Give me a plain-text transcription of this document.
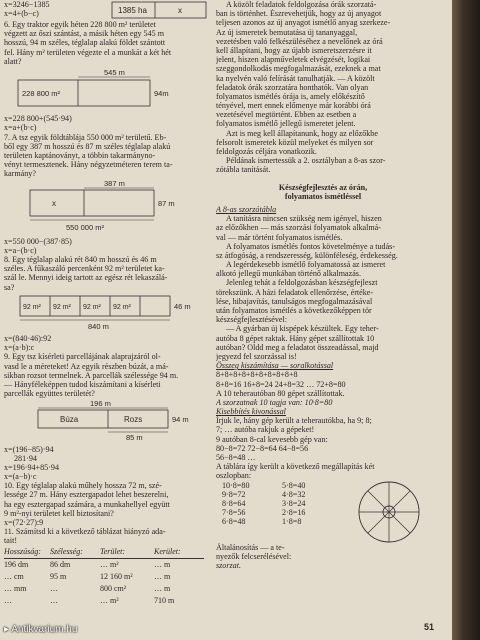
x=3246−1385
x=4+(b−c)	1385 ha	x
6. Egy traktor egyik héten 228 800 m² területet
végzett az őszi szántást, a másik héten egy 545 m
hosszú, 94 m széles, téglalap alakú földet szántott
fel. Hány m² területen végezte el a munkát a két hét
alatt?
545 m
228 800 m²	94m
x=228 800+(545·94)
x=a+(b·c)
7. A tsz egyik földtáblája 550 000 m² területű. Eb-
ből egy 387 m hosszú és 87 m széles téglalap alakú
területen kaptánoványt, a többin takarmányno-
vényt termesztenek. Hány négyzetméteren terem ta-
karmány?
387 m
x	87 m
550 000 m²
x=550 000−(387·85)
x=a−(b·c)
8. Egy téglalap alakú rét 840 m hosszú és 46 m
széles. A fűkaszáló percenként 92 m² területet ka-
szál le. Mennyi ideig tartott az egész rét lekaszálá-
sa?
92 m² 92 m² 92 m² 92 m²	46 m
840 m
x=(840·46):92
x=(a·b):c
9. Egy tsz kísérleti parcellájának alaprajzáról ol-
vasd le a méreteket! Az egyik részben búzát, a má-
sikban rozsot termelnek. A parcellák szélessége 94 m.
— Hányféleképpen tudod kiszámítani a kísérleti
parcellák együttes területét?
196 m
Búza	Rozs	94 m
85 m
x=(196−85)·94
281·94
x=196·94+85·94
x=(a−b)·c
10. Egy téglalap alakú műhely hossza 72 m, szé-
lessége 27 m. Hány esztergapadot lehet beszerelni,
ha egy esztergapad számára, a munkahellyel együtt
9 m²-nyi területet kell biztosítani?
x=(72·27):9
11. Számítsd ki a következő táblázat hiányzó ada-
tait!
Hosszúság:	Szélesség:	Terület:	Kerület:
196 dm	86 dm	… m²	… m
… cm	95 m	12 160 m²	… m
… mm	…	800 cm²	… m
…	…	… m²	710 m
A közölt feladatok feldolgozása órák szorzatá-
ban is történhet. Észrevehetjük, hogy az új anyagot
teljesen azonos az új anyagot ismétlő anyag szerkeze-
Az új ismeretek bemutatása új tananyaggal,
vezetésben való felkészüléséhez a nevelőnek az órá
kell állapítani, hogy az újabb ismeretszerzésre it
jelent, hiszen alapműveletek elvégzését, logikai
szeggondolkodás megfogalmazását, ezeknek a mat
ka nyelvén való felírását tanulhatják. — A közölt
feladatok órák szorzatára honthatók. Van olyan
folyamatos ismétlés órája is, amely előkészítő
tényével, mert ennek előmenye már korábbi órá
vezetésével megtörtént. Ebben az esetben a
folyamatos ismétlő jellegű ismeretet jelent.
Azt is meg kell állapítanunk, hogy az előzőkbe
felsorolt ismeretek közül melyeket és milyen sor
feldolgozás céljára vonatkozik.
Példának ismertessük a 2. osztályban a 8-as szor-
zótábla tanítását.
Készségfejlesztés az órán,
folyamatos ismétléssel
A 8-as szorzótábla
A tanításra nincsen szükség nem igényel, hiszen
az előzőkhen — más szorzási folyamatok alkalmá-
val — már történt folyamatos ismétlés.
A folyamatos ismétlés fontos követelménye a tudás-
sz átfogóság, a rendszeresség, különféleség, érdekesség.
A legérdekesebb ismétlő folyamatossá az ismeret
alkotó jellegű munkában történő alkalmazás.
Jelenleg tehát a feldolgozásban készségfejleszt
törekszünk. A házi feladatok ellenőrzése, értéke-
lése, hibajavítás, tanulságos megfogalmazásával
után folyamatos ismétlés a következőképpen tör
készségfejlesztésével:
— A gyárban új kispépek készültek. Egy teher-
autóba 8 gépet raktak. Hány gépet szállítottak 10
autóban? Oldd meg a feladatot összeadással, majd
jegyezd fel szorzással is!
Összeg kiszámítása — soralkotással
8+8+8+8+8+8+8+8+8+8
8+8=16 16+8=24 24+8=32 … 72+8=80
A 10 teherautóban 80 gépet szállítottak.
A szorzatnak 10 tagja van: 10·8=80
Kisebbítés kivonással
Írjuk le, hány gép került a teherautókba, ha 9; 8;
7; … autóba rakjuk a gépeket!
9 autóban 8-cal kevesebb gép van:
80−8=72 72−8=64 64−8=56
56−8=48 …
A táblára így került a következő megállapítás két
oszlopban:
10·8=80	5·8=40
9·8=72	4·8=32
8·8=64	3·8=24
7·8=56	2·8=16
6·8=48	1·8=8
Általánosítás — a te-
nyezők felcserélésével:
szorzat.
51
▸ Antikvarium.hu
